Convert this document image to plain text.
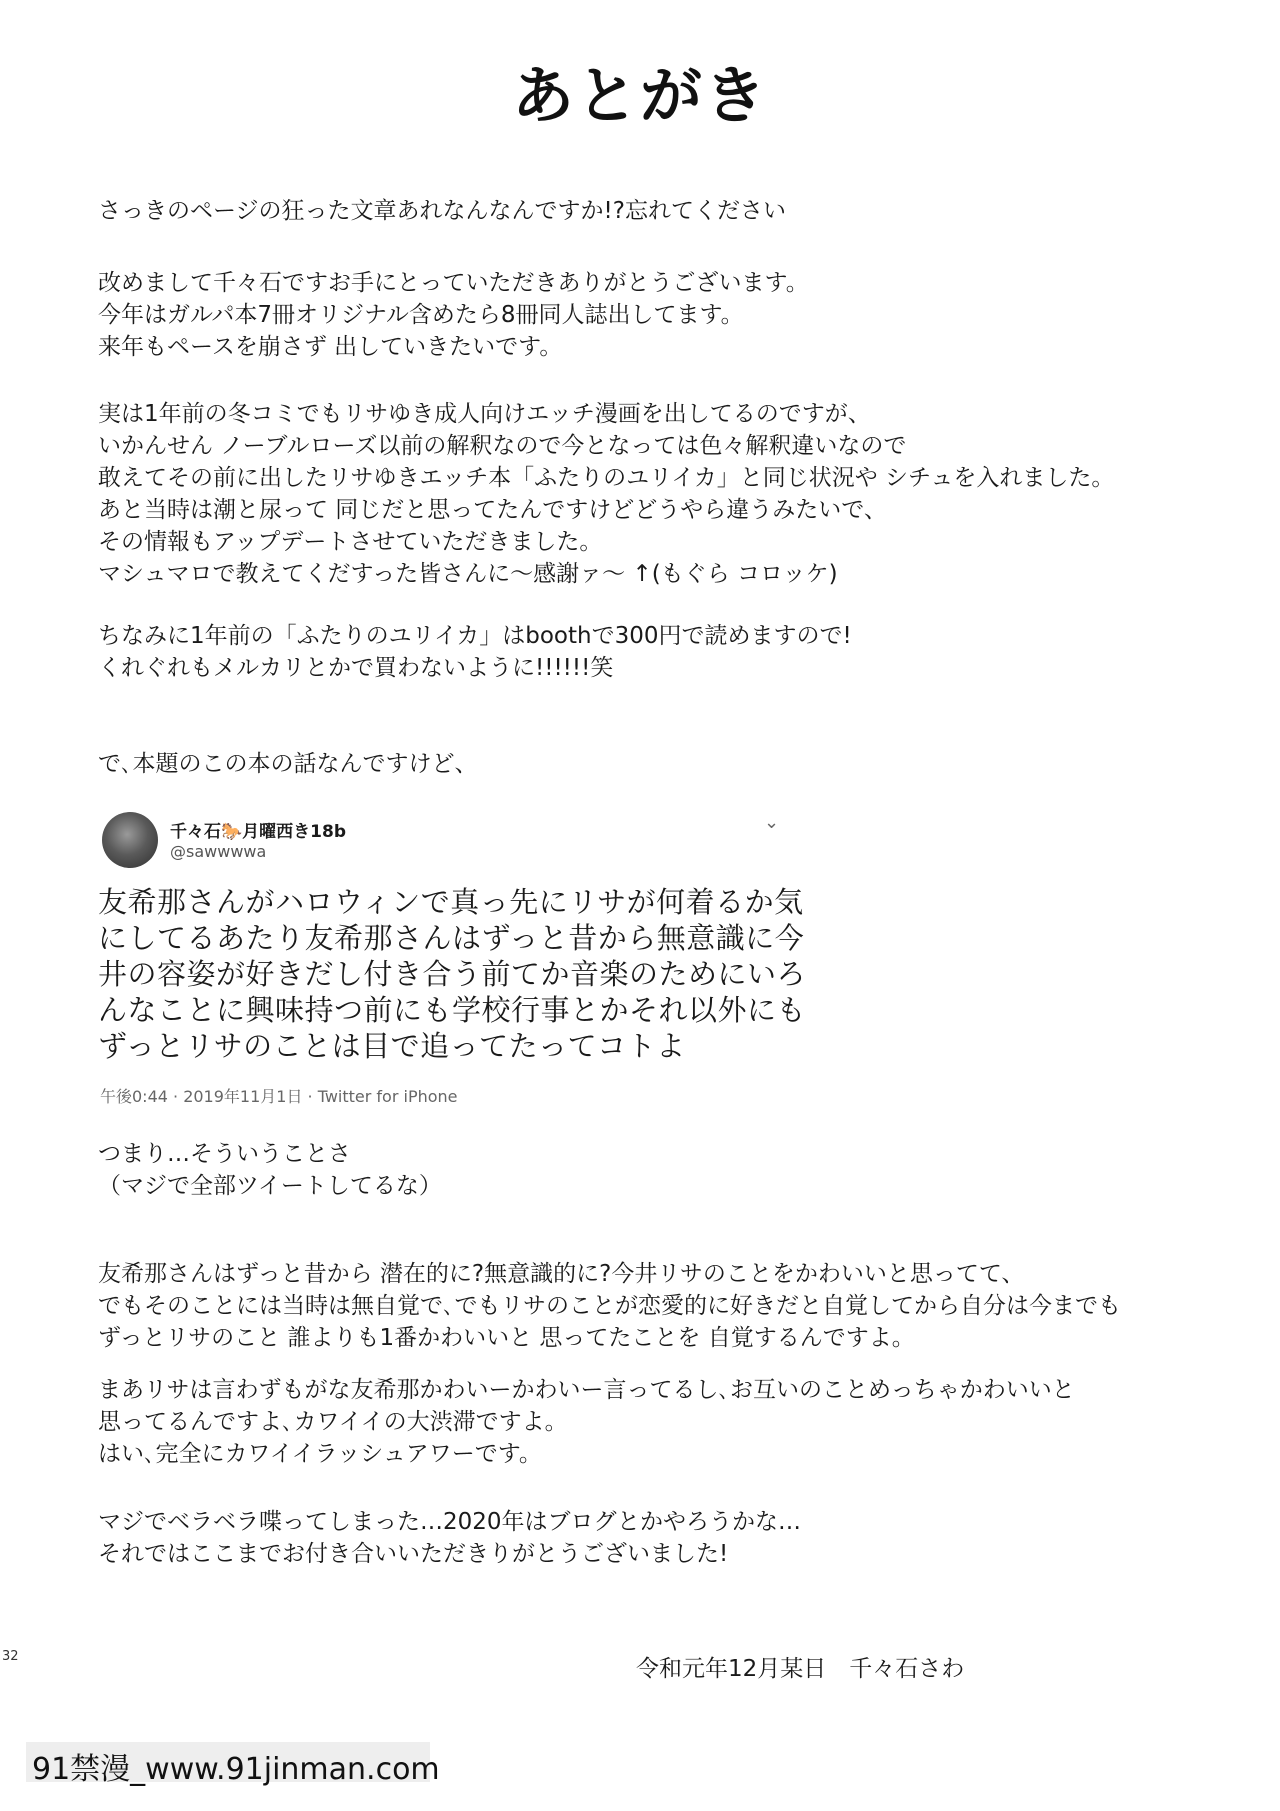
あとがき
さっきのページの狂った文章あれなんなんですか!?忘れてください
改めまして千々石ですお手にとっていただきありがとうございます。
今年はガルパ本7冊オリジナル含めたら8冊同人誌出してます。
来年もペースを崩さず 出していきたいです。
実は1年前の冬コミでもリサゆき成人向けエッチ漫画を出してるのですが、
いかんせん ノーブルローズ以前の解釈なので今となっては色々解釈違いなので
敢えてその前に出したリサゆきエッチ本「ふたりのユリイカ」と同じ状況や シチュを入れました。
あと当時は潮と尿って 同じだと思ってたんですけどどうやら違うみたいで、
その情報もアップデートさせていただきました。
マシュマロで教えてくだすった皆さんに〜感謝ァ〜 ↑(もぐら コロッケ)
ちなみに1年前の「ふたりのユリイカ」はboothで300円で読めますので!
くれぐれもメルカリとかで買わないように!!!!!!笑
で､本題のこの本の話なんですけど、
千々石🐎月曜西き18b
@sawwwwa
⌄
友希那さんがハロウィンで真っ先にリサが何着るか気
にしてるあたり友希那さんはずっと昔から無意識に今
井の容姿が好きだし付き合う前てか音楽のためにいろ
んなことに興味持つ前にも学校行事とかそれ以外にも
ずっとリサのことは目で追ってたってコトよ
午後0:44 · 2019年11月1日 · Twitter for iPhone
つまり…そういうことさ
（マジで全部ツイートしてるな）
友希那さんはずっと昔から 潜在的に?無意識的に?今井リサのことをかわいいと思ってて、
でもそのことには当時は無自覚で､でもリサのことが恋愛的に好きだと自覚してから自分は今までも
ずっとリサのこと 誰よりも1番かわいいと 思ってたことを 自覚するんですよ。
まあリサは言わずもがな友希那かわいーかわいー言ってるし､お互いのことめっちゃかわいいと
思ってるんですよ､カワイイの大渋滞ですよ。
はい､完全にカワイイラッシュアワーです。
マジでベラベラ喋ってしまった…2020年はブログとかやろうかな…
それではここまでお付き合いいただきりがとうございました!
32	令和元年12月某日　千々石さわ
91禁漫_www.91jinman.com
